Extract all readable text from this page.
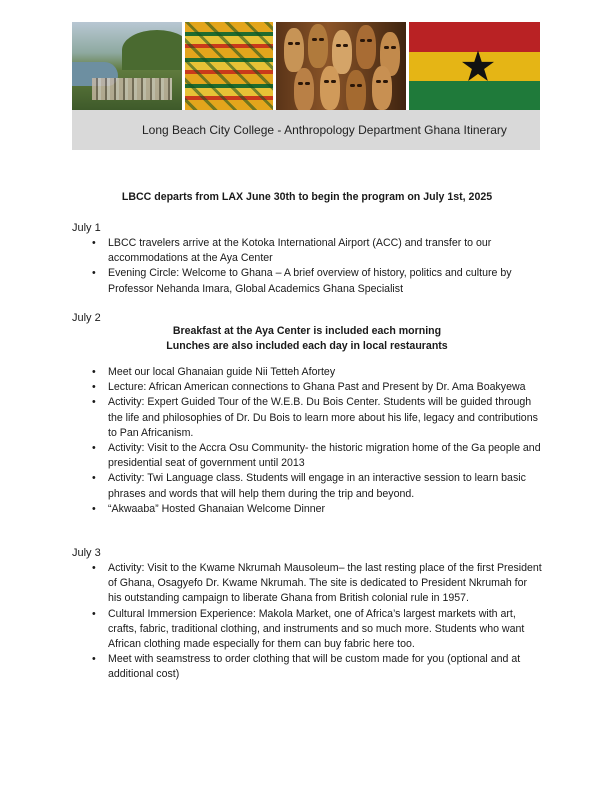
Long Beach City College - Anthropology Department Ghana Itinerary
LBCC departs from LAX June 30th to begin the program on July 1st, 2025
July 1
• LBCC travelers arrive at the Kotoka International Airport (ACC) and transfer to our accommodations at the Aya Center
• Evening Circle: Welcome to Ghana – A brief overview of history, politics and culture by Professor Nehanda Imara, Global Academics Ghana Specialist
July 2
Breakfast at the Aya Center is included each morning
Lunches are also included each day in local restaurants
• Meet our local Ghanaian guide Nii Tetteh Afortey
• Lecture: African American connections to Ghana Past and Present by Dr. Ama Boakyewa
• Activity: Expert Guided Tour of the W.E.B. Du Bois Center. Students will be guided through the life and philosophies of Dr. Du Bois to learn more about his life, legacy and contributions to Pan Africanism.
• Activity: Visit to the Accra Osu Community- the historic migration home of the Ga people and presidential seat of government until 2013
• Activity: Twi Language class. Students will engage in an interactive session to learn basic phrases and words that will help them during the trip and beyond.
• “Akwaaba” Hosted Ghanaian Welcome Dinner
July 3
• Activity: Visit to the Kwame Nkrumah Mausoleum– the last resting place of the first President of Ghana, Osagyefo Dr. Kwame Nkrumah. The site is dedicated to President Nkrumah for his outstanding campaign to liberate Ghana from British colonial rule in 1957.
• Cultural Immersion Experience: Makola Market, one of Africa’s largest markets with art, crafts, fabric, traditional clothing, and instruments and so much more. Students who want African clothing made especially for them can buy fabric here too.
• Meet with seamstress to order clothing that will be custom made for you (optional and at additional cost)
